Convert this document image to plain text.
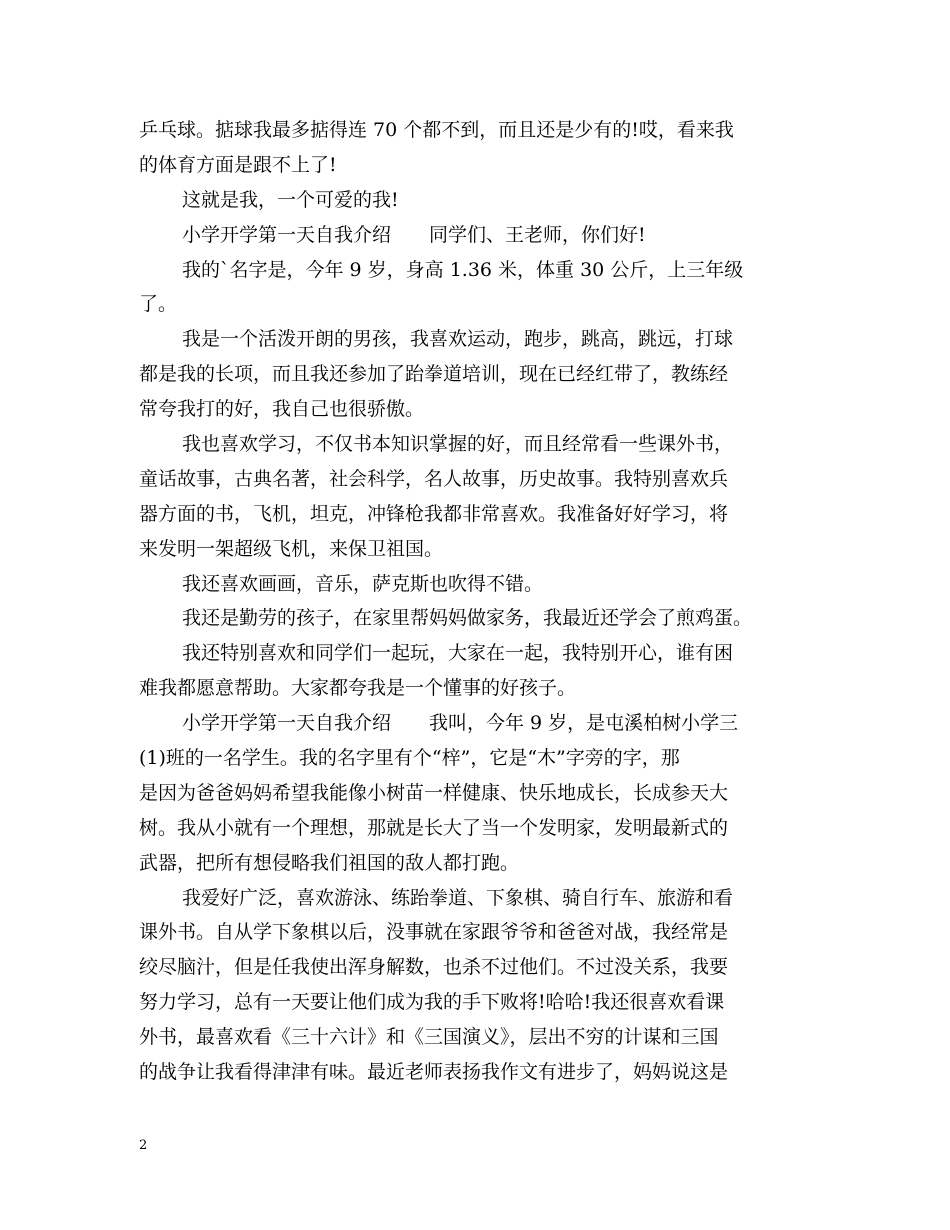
乒乓球。掂球我最多掂得连 70 个都不到，而且还是少有的!哎，看来我
的体育方面是跟不上了!
这就是我，一个可爱的我!
小学开学第一天自我介绍　　同学们、王老师，你们好!
我的`名字是，今年 9 岁，身高 1.36 米，体重 30 公斤，上三年级
了。
我是一个活泼开朗的男孩，我喜欢运动，跑步，跳高，跳远，打球
都是我的长项，而且我还参加了跆拳道培训，现在已经红带了，教练经
常夸我打的好，我自己也很骄傲。
我也喜欢学习，不仅书本知识掌握的好，而且经常看一些课外书，
童话故事，古典名著，社会科学，名人故事，历史故事。我特别喜欢兵
器方面的书，飞机，坦克，冲锋枪我都非常喜欢。我准备好好学习，将
来发明一架超级飞机，来保卫祖国。
我还喜欢画画，音乐，萨克斯也吹得不错。
我还是勤劳的孩子，在家里帮妈妈做家务，我最近还学会了煎鸡蛋。
我还特别喜欢和同学们一起玩，大家在一起，我特别开心，谁有困
难我都愿意帮助。大家都夸我是一个懂事的好孩子。
小学开学第一天自我介绍　　我叫，今年 9 岁，是屯溪柏树小学三
(1)班的一名学生。我的名字里有个“梓”，它是“木”字旁的字，那
是因为爸爸妈妈希望我能像小树苗一样健康、快乐地成长，长成参天大
树。我从小就有一个理想，那就是长大了当一个发明家，发明最新式的
武器，把所有想侵略我们祖国的敌人都打跑。
我爱好广泛，喜欢游泳、练跆拳道、下象棋、骑自行车、旅游和看
课外书。自从学下象棋以后，没事就在家跟爷爷和爸爸对战，我经常是
绞尽脑汁，但是任我使出浑身解数，也杀不过他们。不过没关系，我要
努力学习，总有一天要让他们成为我的手下败将!哈哈!我还很喜欢看课
外书，最喜欢看《三十六计》和《三国演义》，层出不穷的计谋和三国
的战争让我看得津津有味。最近老师表扬我作文有进步了，妈妈说这是
2
